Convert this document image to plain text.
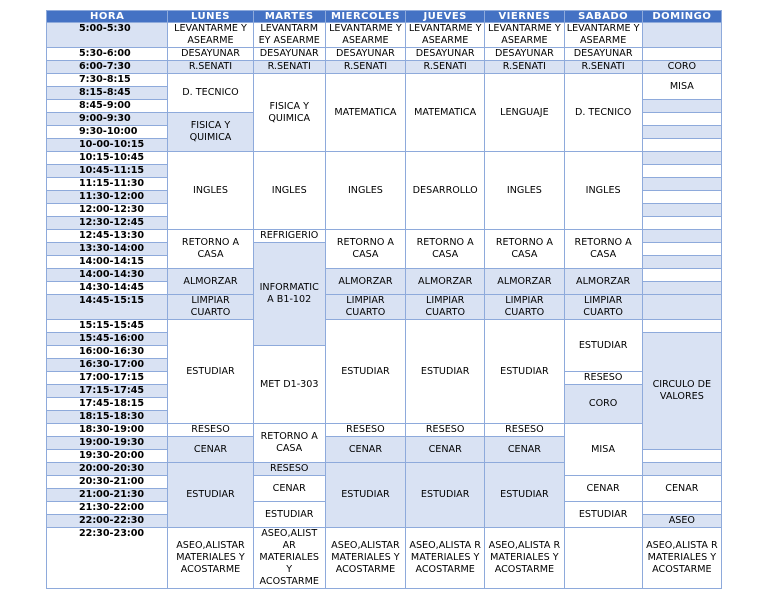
HORA	LUNES	MARTES	MIERCOLES	JUEVES	VIERNES	SABADO	DOMINGO
5:00-5:30	LEVANTARME Y ASEARME	LEVANTARM EY ASEARME	LEVANTARME Y ASEARME	LEVANTARME Y ASEARME	LEVANTARME Y ASEARME	LEVANTARME Y ASEARME	

5:30-6:00	DESAYUNAR	DESAYUNAR	DESAYUNAR	DESAYUNAR	DESAYUNAR	DESAYUNAR	
6:00-7:30	R.SENATI	R.SENATI	R.SENATI	R.SENATI	R.SENATI	R.SENATI	CORO
7:30-8:15	D. TECNICO	FISICA Y QUIMICA	MATEMATICA	MATEMATICA	LENGUAJE	D. TECNICO	MISA
8:15-8:45							
8:45-9:00							
9:00-9:30	FISICA Y QUIMICA						
9:30-10:00							
10-00-10:15							
10:15-10:45	INGLES	INGLES	INGLES	DESARROLLO	INGLES	INGLES	
10:45-11:15							
11:15-11:30							
11:30-12:00							
12:00-12:30							
12:30-12:45							
12:45-13:30	RETORNO A CASA	REFRIGERIO	RETORNO A CASA	RETORNO A CASA	RETORNO A CASA	RETORNO A CASA	
13:30-14:00		INFORMATIC A B1-102					
14:00-14:15							
14:00-14:30	ALMORZAR		ALMORZAR	ALMORZAR	ALMORZAR	ALMORZAR	
14:30-14:45							
14:45-15:15	LIMPIAR CUARTO		LIMPIAR CUARTO	LIMPIAR CUARTO	LIMPIAR CUARTO	LIMPIAR CUARTO	

15:15-15:45	ESTUDIAR		ESTUDIAR	ESTUDIAR	ESTUDIAR	ESTUDIAR	
15:45-16:00							CIRCULO DE VALORES
16:00-16:30		MET D1-303					
16:30-17:00							
17:00-17:15						RESESO	
17:15-17:45						CORO	
17:45-18:15							
18:15-18:30							
18:30-19:00	RESESO	RETORNO A CASA	RESESO	RESESO	RESESO	MISA	
19:00-19:30	CENAR		CENAR	CENAR	CENAR		
19:30-20:00							
20:00-20:30	ESTUDIAR	RESESO	ESTUDIAR	ESTUDIAR	ESTUDIAR		
20:30-21:00		CENAR				CENAR	CENAR
21:00-21:30							
21:30-22:00		ESTUDIAR				ESTUDIAR	
22:00-22:30							ASEO
22:30-23:00	ASEO,ALISTAR MATERIALES Y ACOSTARME	ASEO,ALIST AR MATERIALES Y ACOSTARME	ASEO,ALISTAR MATERIALES Y ACOSTARME	ASEO,ALISTA R MATERIALES Y ACOSTARME	ASEO,ALISTA R MATERIALES Y ACOSTARME		ASEO,ALISTA R MATERIALES Y ACOSTARME
